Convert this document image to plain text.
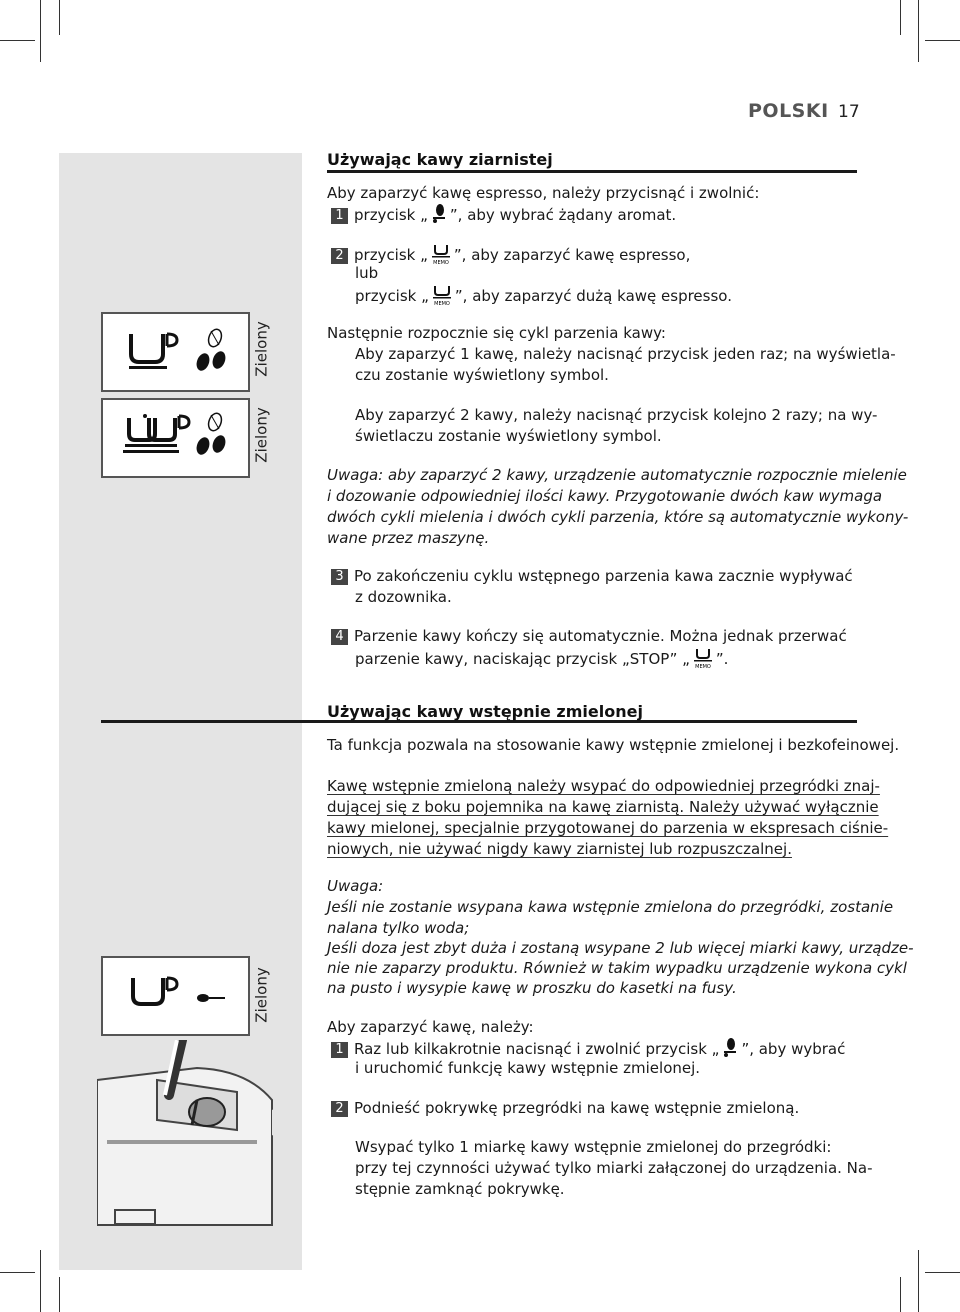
POLSKI 17
Zielony
Zielony
Zielony
Używając kawy ziarnistej
Aby zaparzyć kawę espresso, należy przycisnąć i zwolnić:
1 przycisk „ ”, aby wybrać żądany aromat.
2 przycisk „ MEMO ”, aby zaparzyć kawę espresso,
lub
przycisk „ MEMO ”, aby zaparzyć dużą kawę espresso.
Następnie rozpocznie się cykl parzenia kawy:
Aby zaparzyć 1 kawę, należy nacisnąć przycisk jeden raz; na wyświetla-
czu zostanie wyświetlony symbol.
Aby zaparzyć 2 kawy, należy nacisnąć przycisk kolejno 2 razy; na wy-
świetlaczu zostanie wyświetlony symbol.
Uwaga: aby zaparzyć 2 kawy, urządzenie automatycznie rozpocznie mielenie
i dozowanie odpowiedniej ilości kawy. Przygotowanie dwóch kaw wymaga
dwóch cykli mielenia i dwóch cykli parzenia, które są automatycznie wykony-
wane przez maszynę.
3 Po zakończeniu cyklu wstępnego parzenia kawa zacznie wypływać
z dozownika.
4 Parzenie kawy kończy się automatycznie. Można jednak przerwać
parzenie kawy, naciskając przycisk „STOP” „ MEMO ”.
Używając kawy wstępnie zmielonej
Ta funkcja pozwala na stosowanie kawy wstępnie zmielonej i bezkofeinowej.
Kawę wstępnie zmieloną należy wsypać do odpowiedniej przegródki znaj-
dującej się z boku pojemnika na kawę ziarnistą. Należy używać wyłącznie
kawy mielonej, specjalnie przygotowanej do parzenia w ekspresach ciśnie-
niowych, nie używać nigdy kawy ziarnistej lub rozpuszczalnej.
Uwaga:
Jeśli nie zostanie wsypana kawa wstępnie zmielona do przegródki, zostanie
nalana tylko woda;
Jeśli doza jest zbyt duża i zostaną wsypane 2 lub więcej miarki kawy, urządze-
nie nie zaparzy produktu. Również w takim wypadku urządzenie wykona cykl
na pusto i wysypie kawę w proszku do kasetki na fusy.
Aby zaparzyć kawę, należy:
1 Raz lub kilkakrotnie nacisnąć i zwolnić przycisk „ ”, aby wybrać
i uruchomić funkcję kawy wstępnie zmielonej.
2 Podnieść pokrywkę przegródki na kawę wstępnie zmieloną.
Wsypać tylko 1 miarkę kawy wstępnie zmielonej do przegródki:
przy tej czynności używać tylko miarki załączonej do urządzenia. Na-
stępnie zamknąć pokrywkę.
